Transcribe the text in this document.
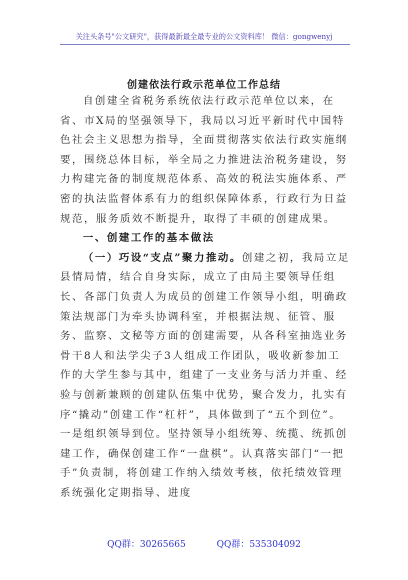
关注头条号"公文研究"，获得最新最全最专业的公文资料库！ 微信：gongwenyj
创建依法行政示范单位工作总结

自创建全省税务系统依法行政示范单位以来，在省、市X局的坚强领导下，我局以习近平新时代中国特色社会主义思想为指导，全面贯彻落实依法行政实施纲要，围绕总体目标，举全局之力推进法治税务建设，努力构建完备的制度规范体系、高效的税法实施体系、严密的执法监督体系有力的组织保障体系，行政行为日益规范，服务质效不断提升，取得了丰硕的创建成果。

一、创建工作的基本做法

（一）巧设“支点”聚力推动。创建之初，我局立足县情局情，结合自身实际，成立了由局主要领导任组长、各部门负责人为成员的创建工作领导小组，明确政策法规部门为牵头协调科室，并根据法规、征管、服务、监察、文秘等方面的创建需要，从各科室抽选业务骨干8人和法学尖子3人组成工作团队，吸收新参加工作的大学生参与其中，组建了一支业务与活力并重、经验与创新兼顾的创建队伍集中优势，聚合发力，扎实有序“撬动”创建工作“杠杆”，具体做到了“五个到位”。一是组织领导到位。坚持领导小组统筹、统揽、统抓创建工作，确保创建工作“一盘棋”。认真落实部门“一把手”负责制，将创建工作纳入绩效考核，依托绩效管理系统强化定期指导、进度

QQ群：30265665	QQ群：535304092
